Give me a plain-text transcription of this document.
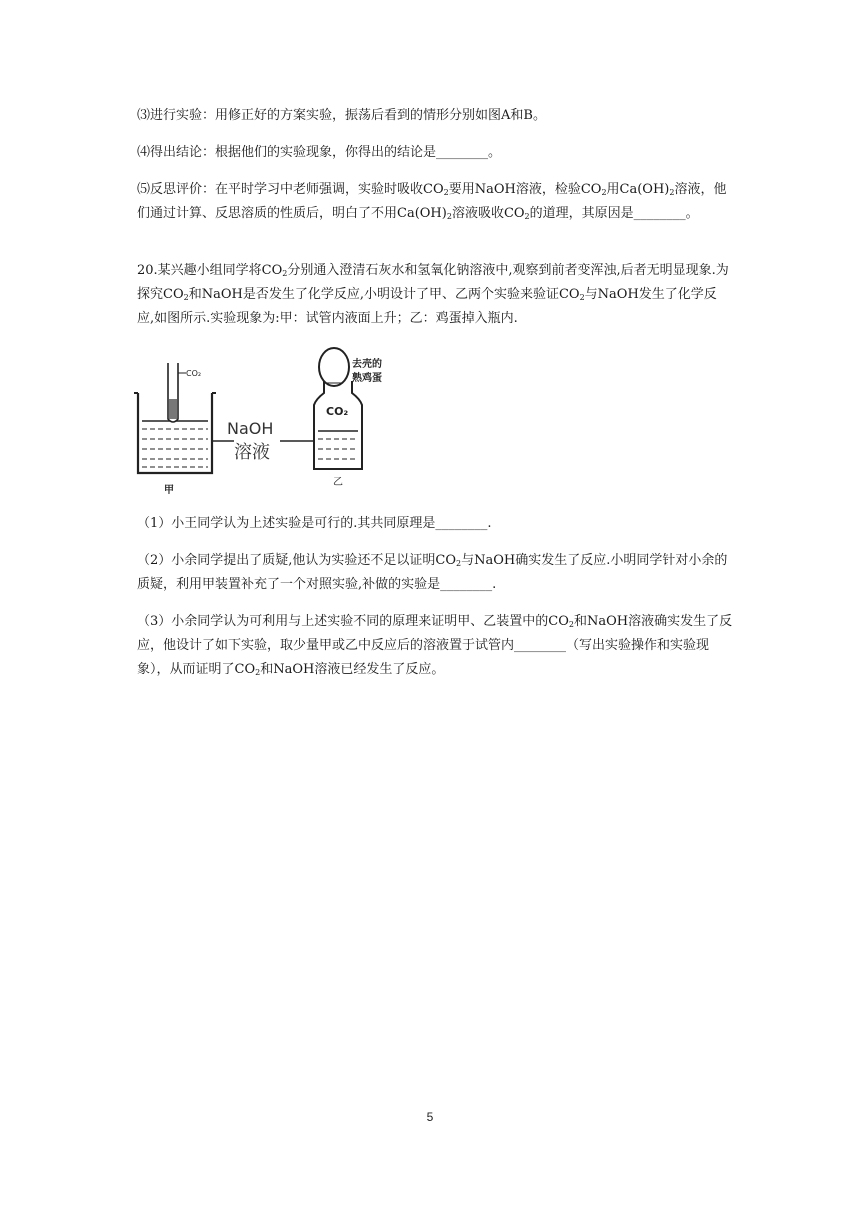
⑶进行实验：用修正好的方案实验，振荡后看到的情形分别如图A和B。

⑷得出结论：根据他们的实验现象，你得出的结论是________。

⑸反思评价：在平时学习中老师强调，实验时吸收$CO_2$要用NaOH溶液，检验$CO_2$用$Ca(OH)_2$溶液，他们通过计算、反思溶质的性质后，明白了不用$Ca(OH)_2$溶液吸收$CO_2$的道理，其原因是________。

20.某兴趣小组同学将$CO_2$分别通入澄清石灰水和氢氧化钠溶液中,观察到前者变浑浊,后者无明显现象.为探究$CO_2$和NaOH是否发生了化学反应,小明设计了甲、乙两个实验来验证$CO_2$与NaOH发生了化学反应,如图所示.实验现象为:甲：试管内液面上升；乙：鸡蛋掉入瓶内.

CO₂
NaOH
溶液
CO₂
去壳的
熟鸡蛋
甲
乙

（1）小王同学认为上述实验是可行的.其共同原理是________.

（2）小余同学提出了质疑,他认为实验还不足以证明$CO_2$与NaOH确实发生了反应.小明同学针对小余的质疑，利用甲装置补充了一个对照实验,补做的实验是________.

（3）小余同学认为可利用与上述实验不同的原理来证明甲、乙装置中的$CO_2$和NaOH溶液确实发生了反应，他设计了如下实验，取少量甲或乙中反应后的溶液置于试管内________（写出实验操作和实验现象），从而证明了$CO_2$和NaOH溶液已经发生了反应。

5
